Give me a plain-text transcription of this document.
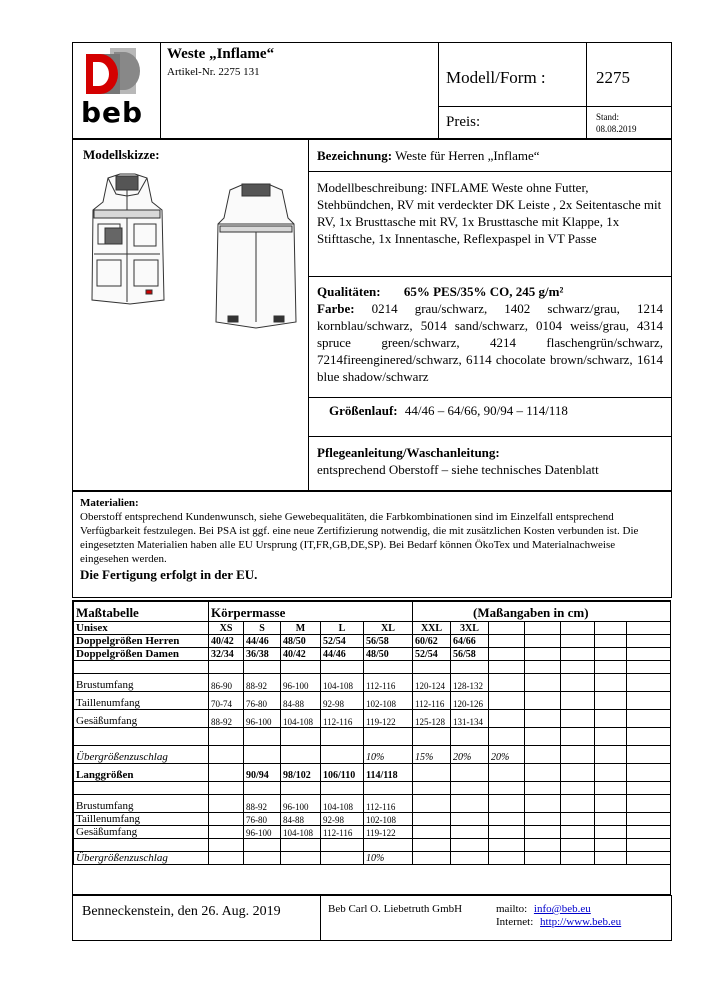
beb
Weste „Inflame“
Artikel-Nr. 2275 131	Modell/Form :	2275
Preis:	Stand:
08.08.2019
Modellskizze:	Bezeichnung: Weste für Herren „Inflame“
Modellbeschreibung: INFLAME Weste ohne Futter, Stehbündchen, RV mit verdeckter DK Leiste , 2x Seitentasche mit RV, 1x Brusttasche mit RV, 1x Brusttasche mit Klappe, 1x Stifttasche, 1x Innentasche, Reflexpaspel in VT Passe
Qualitäten: 65% PES/35% CO, 245 g/m²
Farbe: 0214 grau/schwarz, 1402 schwarz/grau, 1214 kornblau/schwarz, 5014 sand/schwarz, 0104 weiss/grau, 4314 spruce green/schwarz, 4214 flaschengrün/schwarz, 7214fireenginered/schwarz, 6114 chocolate brown/schwarz, 1614 blue shadow/schwarz
Größenlauf: 44/46 – 64/66, 90/94 – 114/118
Pflegeanleitung/Waschanleitung:
entsprechend Oberstoff – siehe technisches Datenblatt
Materialien:
Oberstoff entsprechend Kundenwunsch, siehe Gewebequalitäten, die Farbkombinationen sind im Einzelfall entsprechend Verfügbarkeit festzulegen. Bei PSA ist ggf. eine neue Zertifizierung notwendig, die mit zusätzlichen Kosten verbunden ist. Die eingesetzten Materialien haben alle EU Ursprung (IT,FR,GB,DE,SP). Bei Bedarf können ÖkoTex und Materialnachweise eingesehen werden.
Die Fertigung erfolgt in der EU.
Maßtabelle	Körpermasse					(Maßangaben in cm)						
Unisex	XS	S	M	L	XL	XXL	3XL					
Doppelgrößen Herren	40/42	44/46	48/50	52/54	56/58	60/62	64/66					
Doppelgrößen Damen	32/34	36/38	40/42	44/46	48/50	52/54	56/58					

Brustumfang	86-90	88-92	96-100	104-108	112-116	120-124	128-132					
Taillenumfang	70-74	76-80	84-88	92-98	102-108	112-116	120-126					
Gesäßumfang	88-92	96-100	104-108	112-116	119-122	125-128	131-134					

Übergrößenzuschlag					10%	15%	20%	20%				
Langgrößen		90/94	98/102	106/110	114/118							

Brustumfang		88-92	96-100	104-108	112-116							
Taillenumfang		76-80	84-88	92-98	102-108							
Gesäßumfang		96-100	104-108	112-116	119-122							

Übergrößenzuschlag					10%							
Benneckenstein, den 26. Aug. 2019	Beb Carl O. Liebetruth GmbH	mailto: info@beb.eu
Internet: http://www.beb.eu
